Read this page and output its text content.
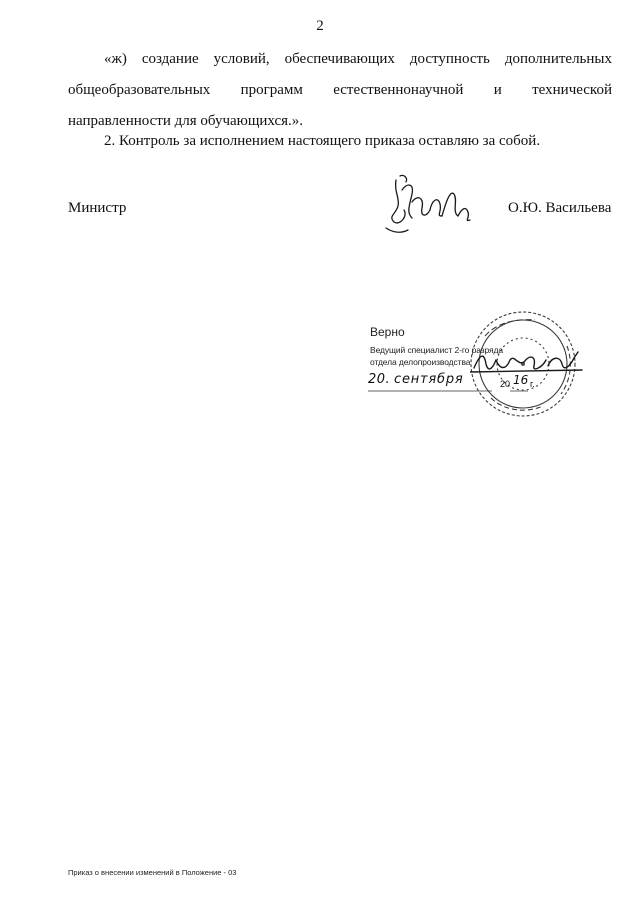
2

«ж) создание условий, обеспечивающих доступность дополнительных общеобразовательных программ естественнонаучной и технической направленности для обучающихся.».

2. Контроль за исполнением настоящего приказа оставляю за собой.

Министр	О.Ю. Васильева
Верно
Ведущий специалист 2-го разряда
отдела делопроизводства
20. сентября	20 16 г.
Приказ о внесении изменений в Положение - 03
